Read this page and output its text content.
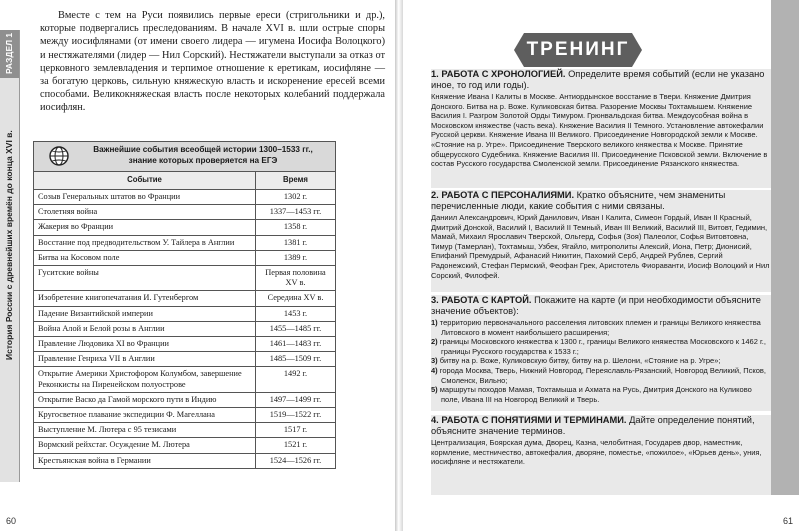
РАЗДЕЛ 1
История России с древнейших времён до конца XVI в.

Вместе с тем на Руси появились первые ереси (стригольники и др.), которые подвергались преследованиям. В начале XVI в. шли острые споры между иосифлянами (от имени своего лидера — игумена Иосифа Волоцкого) и нестяжателями (лидер — Нил Сорский). Нестяжатели выступали за отказ от церковного землевладения и терпимое отношение к еретикам, иосифляне — за богатую церковь, сильную княжескую власть и искоренение ересей всеми способами. Великокняжеская власть после некоторых колебаний поддержала иосифлян.

Важнейшие события всеобщей истории 1300–1533 гг., знание которых проверяется на ЕГЭ
Событие	Время
Созыв Генеральных штатов во Франции	1302 г.
Столетняя война	1337—1453 гг.
Жакерия во Франции	1358 г.
Восстание под предводительством У. Тайлера в Англии	1381 г.
Битва на Косовом поле	1389 г.
Гуситские войны	Первая половина XV в.
Изобретение книгопечатания И. Гутенбергом	Середина XV в.
Падение Византийской империи	1453 г.
Война Алой и Белой розы в Англии	1455—1485 гг.
Правление Людовика XI во Франции	1461—1483 гг.
Правление Генриха VII в Англии	1485—1509 гг.
Открытие Америки Христофором Колумбом, завершение Реконкисты на Пиренейском полуострове	1492 г.
Открытие Васко да Гамой морского пути в Индию	1497—1499 гг.
Кругосветное плавание экспедиции Ф. Магеллана	1519—1522 гг.
Выступление М. Лютера с 95 тезисами	1517 г.
Вормский рейхстаг. Осуждение М. Лютера	1521 г.
Крестьянская война в Германии	1524—1526 гг.
60
ТРЕНИНГ

1. РАБОТА С ХРОНОЛОГИЕЙ. Определите время событий (если не указано иное, то год или годы).

Княжение Ивана I Калиты в Москве. Антиордынское восстание в Твери. Княжение Дмитрия Донского. Битва на р. Воже. Куликовская битва. Разорение Москвы Тохтамышем. Княжение Василия I. Разгром Золотой Орды Тимуром. Грюнвальдская битва. Междоусобная война в Московском княжестве (часть века). Княжение Василия II Темного. Установление автокефалии Русской церкви. Княжение Ивана III Великого. Присоединение Новгородской земли к Москве. «Стояние на р. Угре». Присоединение Тверского великого княжества к Москве. Принятие общерусского Судебника. Княжение Василия III. Присоединение Псковской земли. Включение в состав Русского государства Смоленской земли. Присоединение Рязанского княжества.

2. РАБОТА С ПЕРСОНАЛИЯМИ. Кратко объясните, чем знамениты перечисленные люди, какие события с ними связаны.

Даниил Александрович, Юрий Данилович, Иван I Калита, Симеон Гордый, Иван II Красный, Дмитрий Донской, Василий I, Василий II Темный, Иван III Великий, Василий III, Витовт, Гедимин, Мамай, Михаил Ярославич Тверской, Ольгерд, Софья (Зоя) Палеолог, Софья Витовтовна, Тимур (Тамерлан), Тохтамыш, Узбек, Ягайло, митрополиты Алексий, Иона, Петр; Дионисий, Епифаний Премудрый, Афанасий Никитин, Пахомий Серб, Андрей Рублев, Сергий Радонежский, Стефан Пермский, Феофан Грек, Аристотель Фиораванти, Иосиф Волоцкий и Нил Сорский, Филофей.

3. РАБОТА С КАРТОЙ. Покажите на карте (и при необходимости объясните значение объектов):

1) территорию первоначального расселения литовских племен и границы Великого княжества Литовского в момент наибольшего расширения;
2) границы Московского княжества к 1300 г., границы Великого княжества Московского к 1462 г., границы Русского государства к 1533 г.;
3) битву на р. Воже, Куликовскую битву, битву на р. Шелони, «Стояние на р. Угре»;
4) города Москва, Тверь, Нижний Новгород, Переяславль-Рязанский, Новгород Великий, Псков, Смоленск, Вильно;
5) маршруты походов Мамая, Тохтамыша и Ахмата на Русь, Дмитрия Донского на Куликово поле, Ивана III на Новгород Великий и Тверь.

4. РАБОТА С ПОНЯТИЯМИ И ТЕРМИНАМИ. Дайте определение понятий, объясните значение терминов.

Централизация, Боярская дума, Дворец, Казна, челобитная, Государев двор, наместник, кормление, местничество, автокефалия, дворяне, поместье, «пожилое», «Юрьев день», уния, иосифляне и нестяжатели.
61
